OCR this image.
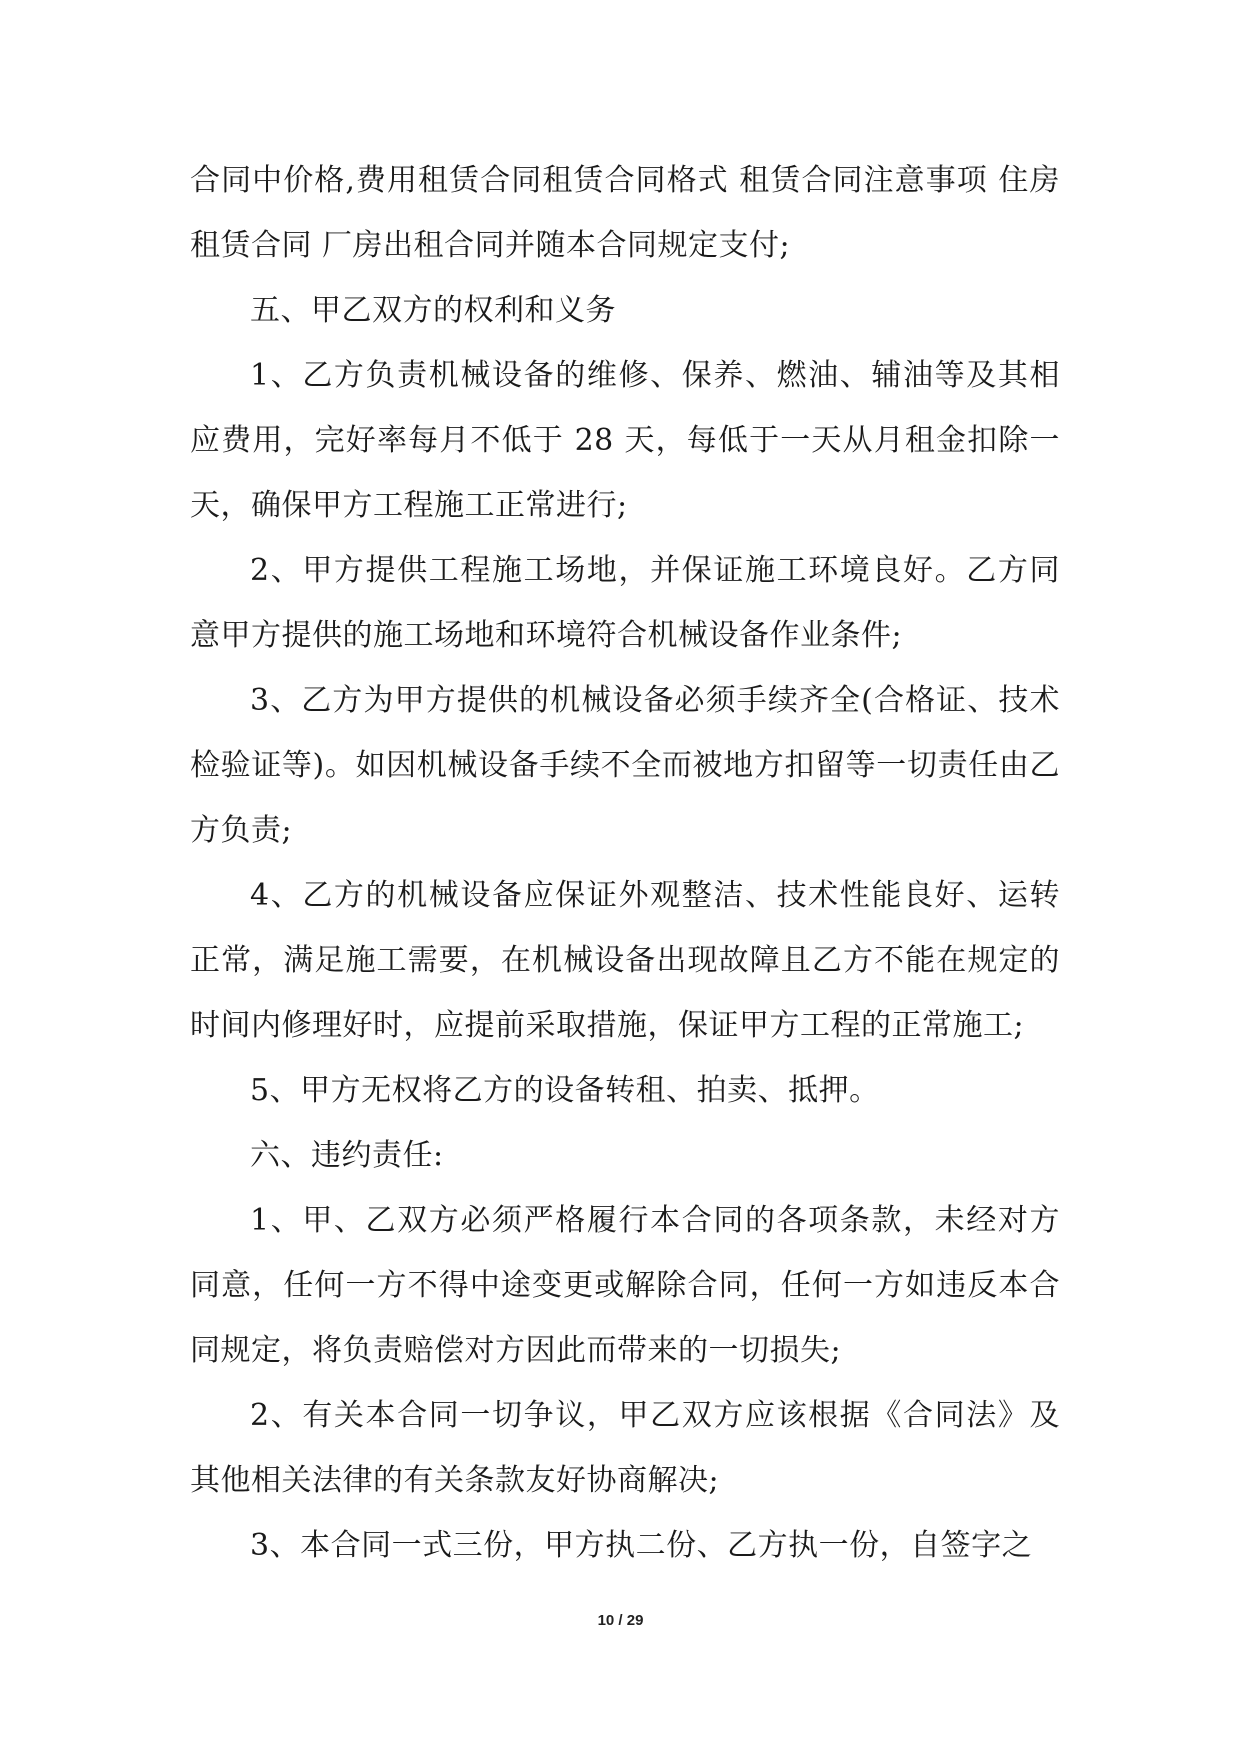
合同中价格,费用租赁合同租赁合同格式 租赁合同注意事项 住房租赁合同 厂房出租合同并随本合同规定支付;

五、甲乙双方的权利和义务

1、乙方负责机械设备的维修、保养、燃油、辅油等及其相应费用，完好率每月不低于 28 天，每低于一天从月租金扣除一天，确保甲方工程施工正常进行;

2、甲方提供工程施工场地，并保证施工环境良好。乙方同意甲方提供的施工场地和环境符合机械设备作业条件;

3、乙方为甲方提供的机械设备必须手续齐全(合格证、技术检验证等)。如因机械设备手续不全而被地方扣留等一切责任由乙方负责;

4、乙方的机械设备应保证外观整洁、技术性能良好、运转正常，满足施工需要，在机械设备出现故障且乙方不能在规定的时间内修理好时，应提前采取措施，保证甲方工程的正常施工;

5、甲方无权将乙方的设备转租、拍卖、抵押。

六、违约责任:

1、甲、乙双方必须严格履行本合同的各项条款，未经对方同意，任何一方不得中途变更或解除合同，任何一方如违反本合同规定，将负责赔偿对方因此而带来的一切损失;

2、有关本合同一切争议，甲乙双方应该根据《合同法》及其他相关法律的有关条款友好协商解决;

3、本合同一式三份，甲方执二份、乙方执一份，自签字之

10 / 29
